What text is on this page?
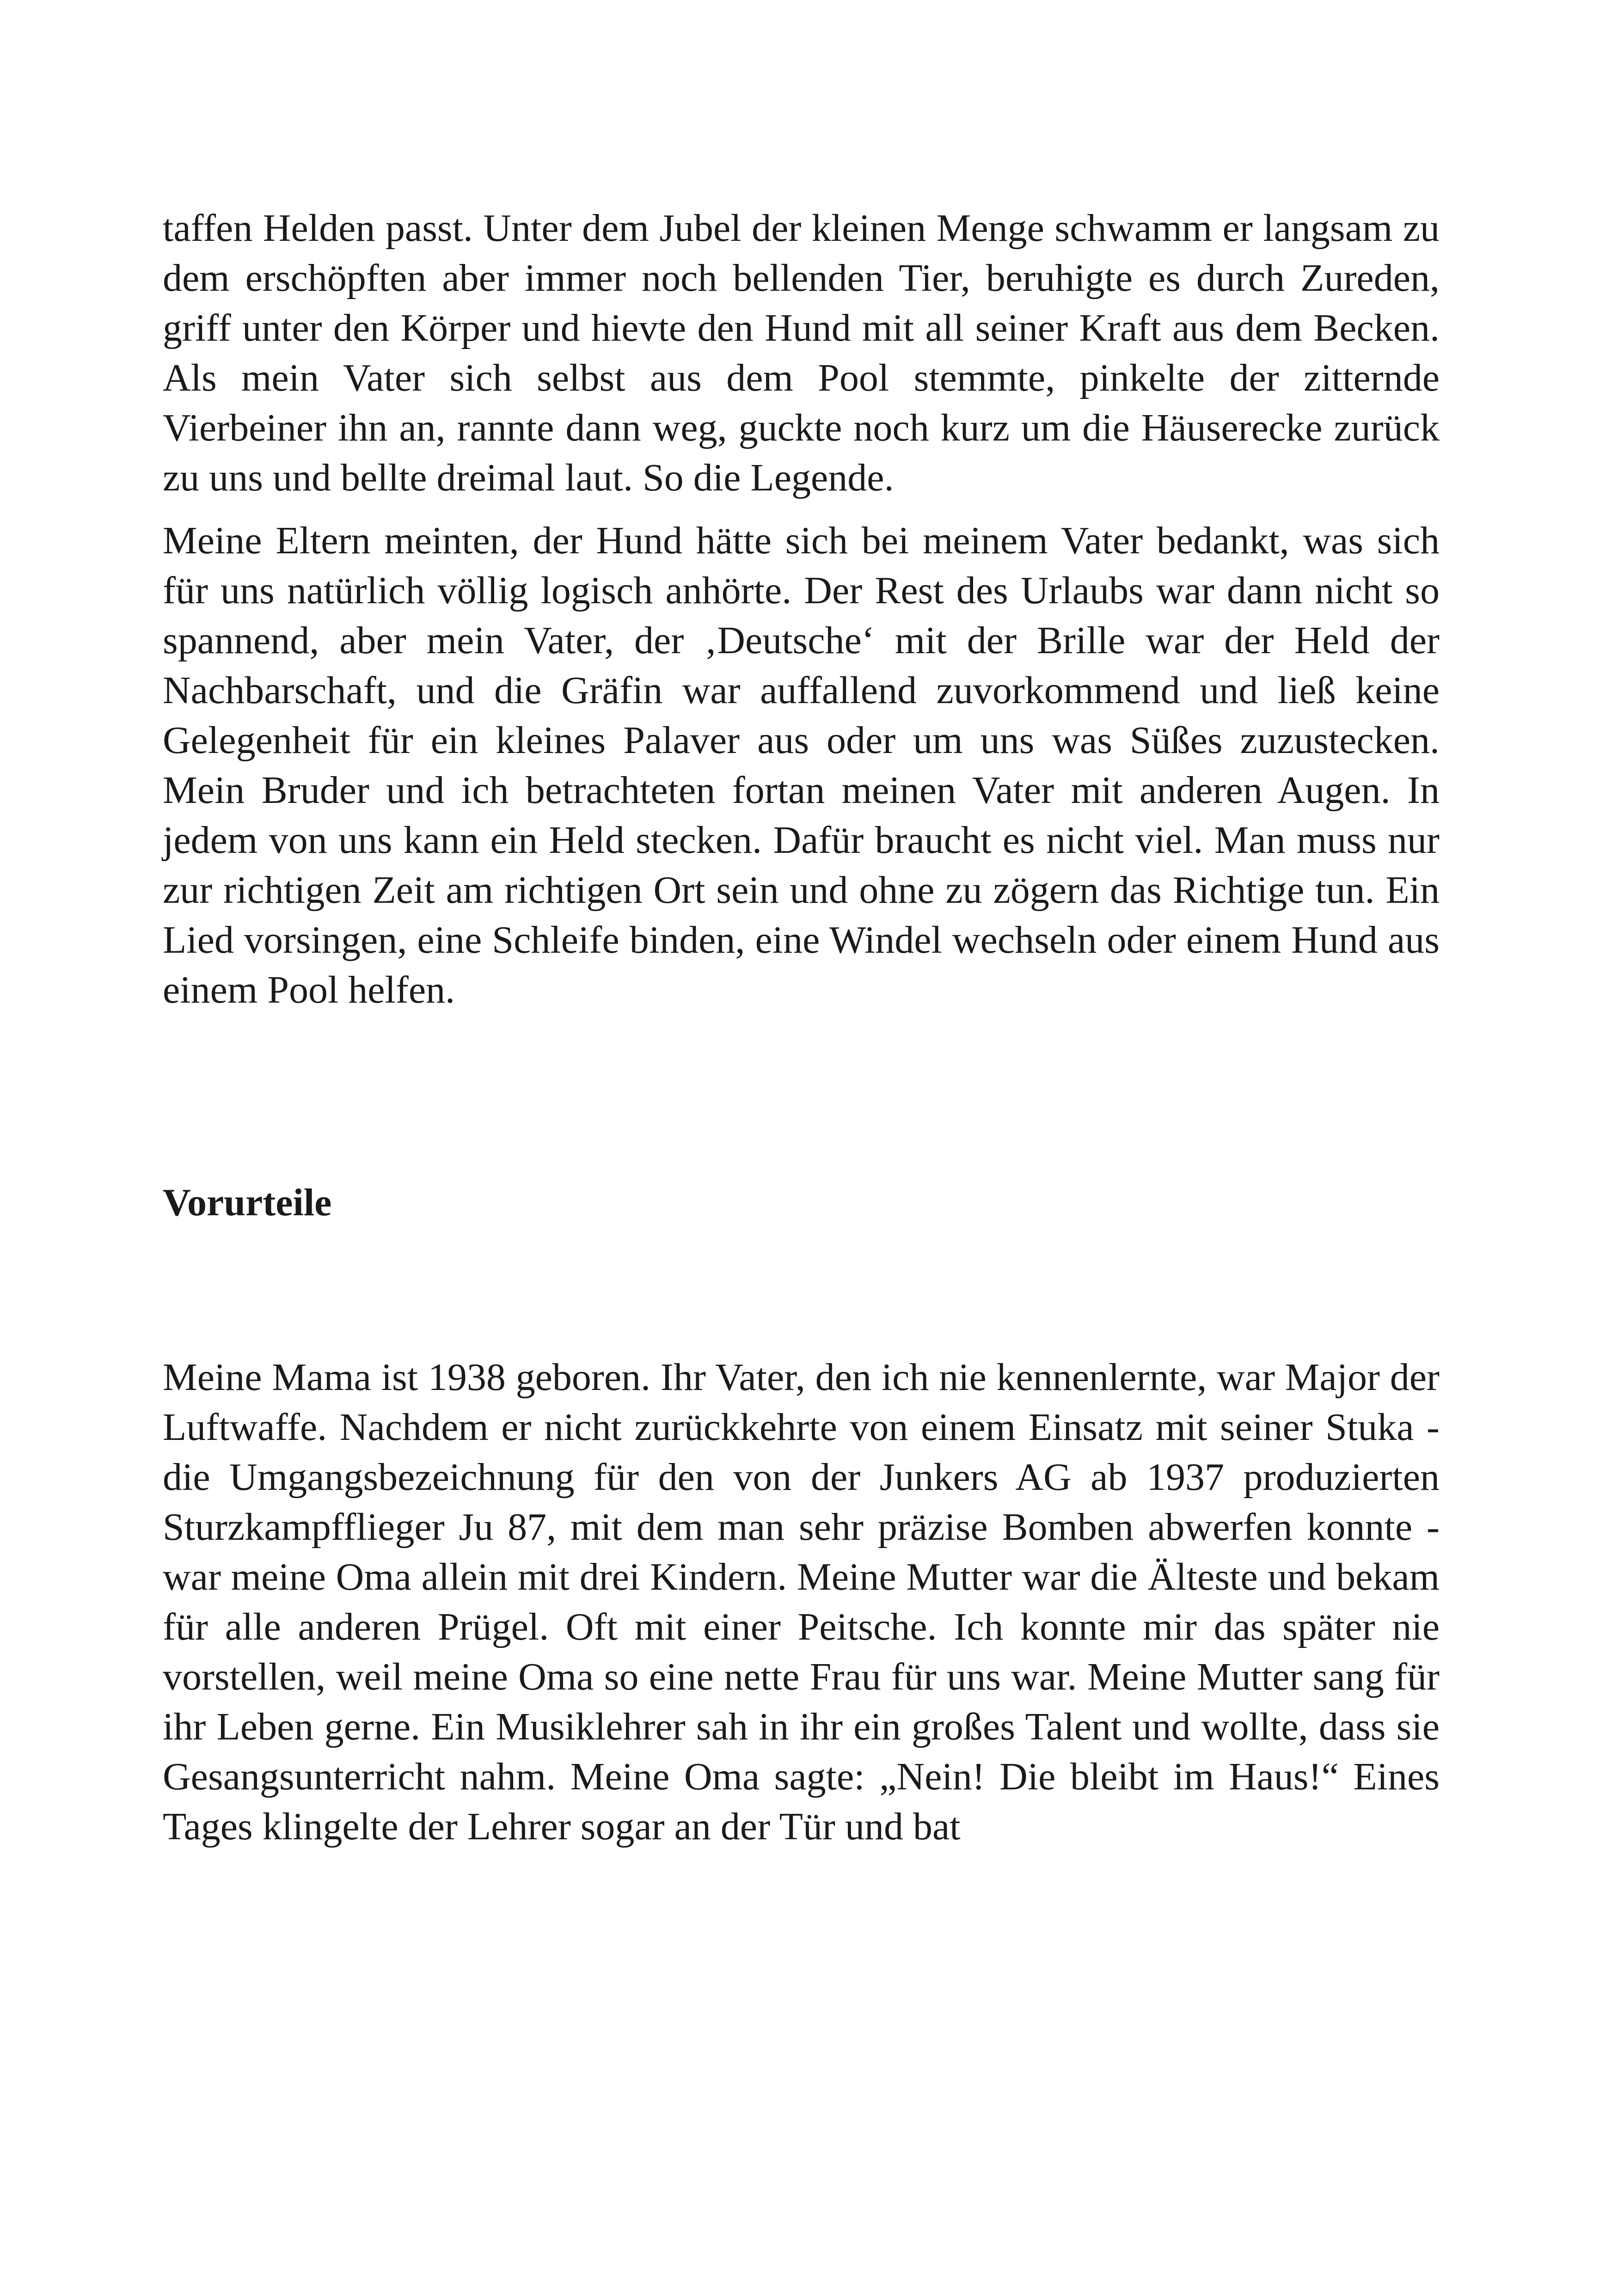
taffen Helden passt. Unter dem Jubel der kleinen Menge schwamm er langsam zu dem erschöpften aber immer noch bellenden Tier, beruhigte es durch Zureden, griff unter den Körper und hievte den Hund mit all seiner Kraft aus dem Becken. Als mein Vater sich selbst aus dem Pool stemmte, pinkelte der zitternde Vierbeiner ihn an, rannte dann weg, guckte noch kurz um die Häuserecke zurück zu uns und bellte dreimal laut. So die Legende.

Meine Eltern meinten, der Hund hätte sich bei meinem Vater bedankt, was sich für uns natürlich völlig logisch anhörte. Der Rest des Urlaubs war dann nicht so spannend, aber mein Vater, der ‚Deutsche‘ mit der Brille war der Held der Nachbarschaft, und die Gräfin war auffallend zuvorkommend und ließ keine Gelegenheit für ein kleines Palaver aus oder um uns was Süßes zuzustecken. Mein Bruder und ich betrachteten fortan meinen Vater mit anderen Augen. In jedem von uns kann ein Held stecken. Dafür braucht es nicht viel. Man muss nur zur richtigen Zeit am richtigen Ort sein und ohne zu zögern das Richtige tun. Ein Lied vorsingen, eine Schleife binden, eine Windel wechseln oder einem Hund aus einem Pool helfen.

Vorurteile

Meine Mama ist 1938 geboren. Ihr Vater, den ich nie kennenlernte, war Major der Luftwaffe. Nachdem er nicht zurückkehrte von einem Einsatz mit seiner Stuka - die Umgangsbezeichnung für den von der Junkers AG ab 1937 produzierten Sturzkampfflieger Ju 87, mit dem man sehr präzise Bomben abwerfen konnte - war meine Oma allein mit drei Kindern. Meine Mutter war die Älteste und bekam für alle anderen Prügel. Oft mit einer Peitsche. Ich konnte mir das später nie vorstellen, weil meine Oma so eine nette Frau für uns war. Meine Mutter sang für ihr Leben gerne. Ein Musiklehrer sah in ihr ein großes Talent und wollte, dass sie Gesangsunterricht nahm. Meine Oma sagte: „Nein! Die bleibt im Haus!“ Eines Tages klingelte der Lehrer sogar an der Tür und bat
